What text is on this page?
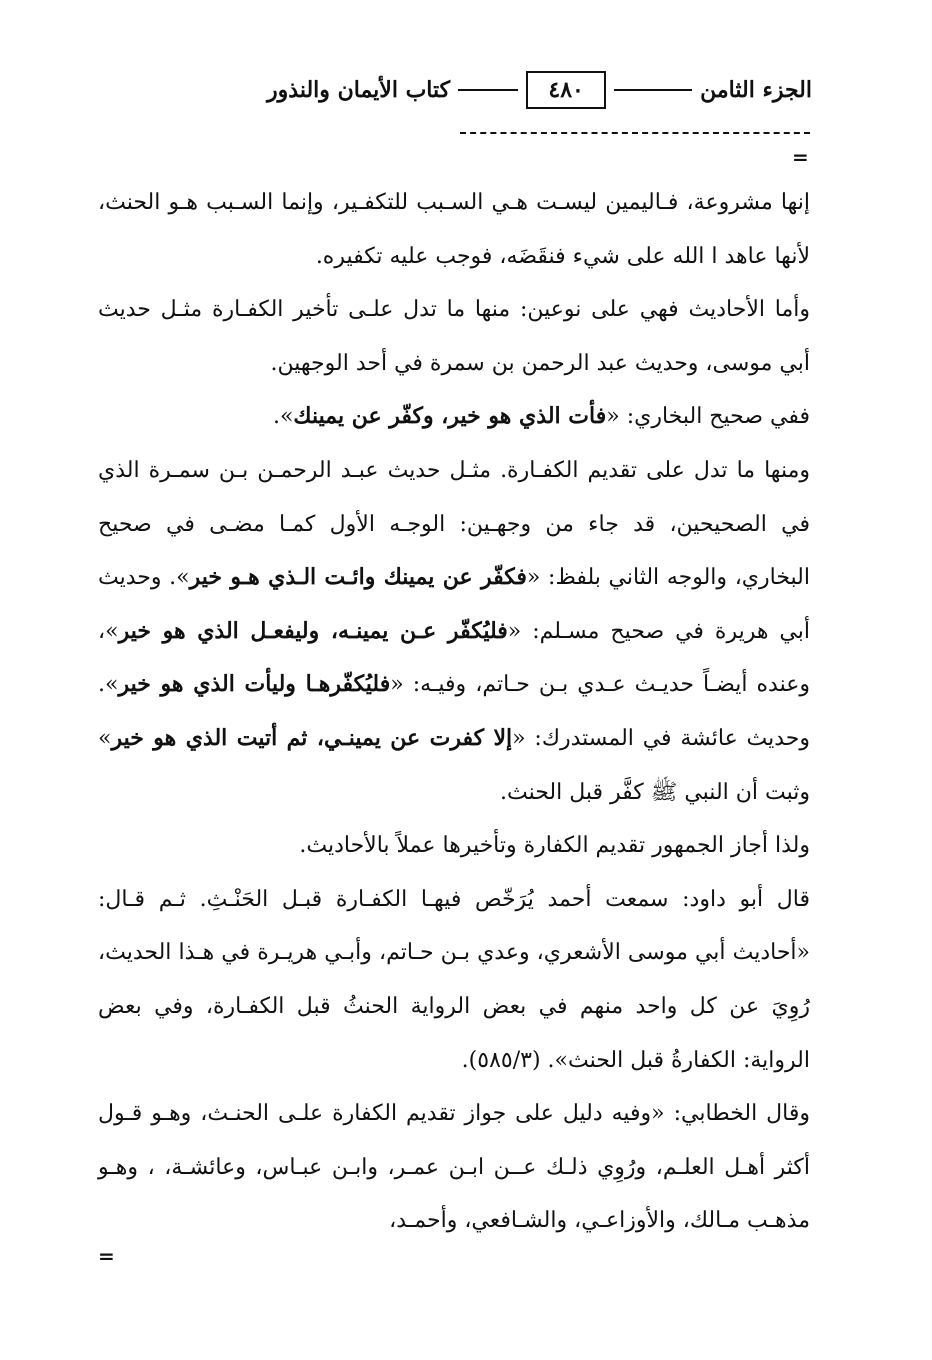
الجزء الثامن
٤٨٠
كتاب الأيمان والنذور
=

إنها مشروعة، فـاليمين ليسـت هـي السـبب للتكفـير، وإنما السـبب هـو الحنث، لأنها عاهد ا الله على شيء فنقَضَه، فوجب عليه تكفيره.

وأما الأحاديث فهي على نوعين: منها ما تدل علـى تأخير الكفـارة مثـل حديث أبي موسى، وحديث عبد الرحمن بن سمرة في أحد الوجهين.

ففي صحيح البخاري: «فأت الذي هو خير، وكفّر عن يمينك».

ومنها ما تدل على تقديم الكفـارة. مثـل حديث عبـد الرحمـن بـن سمـرة الذي في الصحيحين، قد جاء من وجهـين: الوجـه الأول كمـا مضـى في صحيح البخاري، والوجه الثاني بلفظ: «فكفّر عن يمينك وائـت الـذي هـو خير». وحديث أبي هريرة في صحيح مسـلم: «فليُكفّر عـن يمينـه، وليفعـل الذي هو خير»، وعنده أيضـاً حديـث عـدي بـن حـاتم، وفيـه: «فليُكفّرهـا وليأت الذي هو خير». وحديث عائشة في المستدرك: «إلا كفرت عن يمينـي، ثم أتيت الذي هو خير» وثبت أن النبي ﷺ كفَّر قبل الحنث.

ولذا أجاز الجمهور تقديم الكفارة وتأخيرها عملاً بالأحاديث.

قال أبو داود: سمعت أحمد يُرَخّص فيهـا الكفـارة قبـل الحَنْـثِ. ثـم قـال: «أحاديث أبي موسى الأشعري، وعدي بـن حـاتم، وأبـي هريـرة في هـذا الحديث، رُوِيَ عن كل واحد منهم في بعض الرواية الحنثُ قبل الكفـارة، وفي بعض الرواية: الكفارةُ قبل الحنث». (٥٨٥/٣).

وقال الخطابي: «وفيه دليل على جواز تقديم الكفارة علـى الحنـث، وهـو قـول أكثر أهـل العلـم، ورُوِي ذلـك عــن ابـن عمـر، وابـن عبـاس، وعائشـة، ، وهـو مذهـب مـالك، والأوزاعـي، والشـافعي، وأحمـد،

=
